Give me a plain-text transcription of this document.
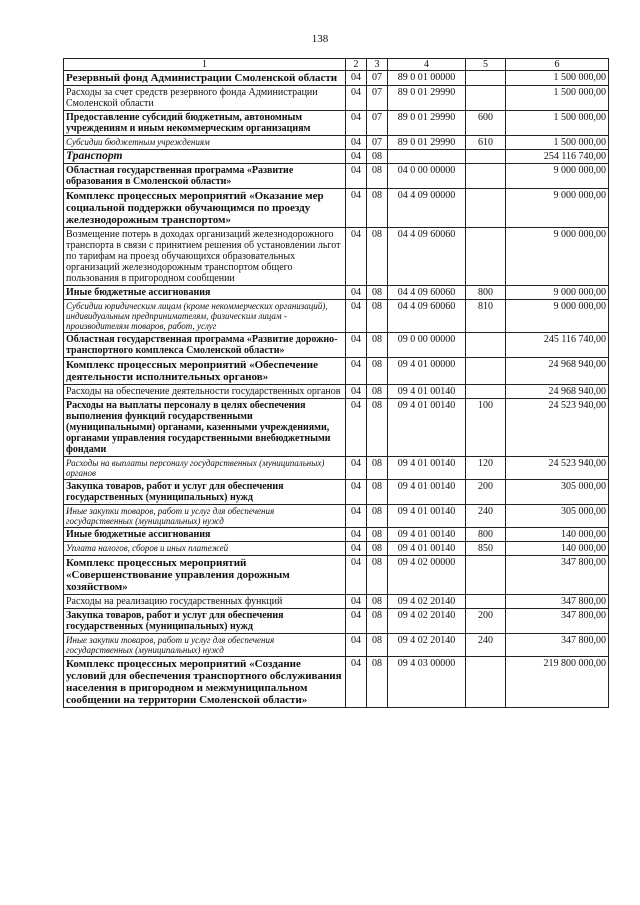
138
1	2	3	4	5	6
Резервный фонд Администрации Смоленской области	04	07	89 0 01 00000		1 500 000,00
Расходы за счет средств резервного фонда Администрации Смоленской области	04	07	89 0 01 29990		1 500 000,00
Предоставление субсидий бюджетным, автономным учреждениям и иным некоммерческим организациям	04	07	89 0 01 29990	600	1 500 000,00
Субсидии бюджетным учреждениям	04	07	89 0 01 29990	610	1 500 000,00
Транспорт	04	08			254 116 740,00
Областная государственная программа «Развитие образования в Смоленской области»	04	08	04 0 00 00000		9 000 000,00
Комплекс процессных мероприятий «Оказание мер социальной поддержки обучающимся по проезду железнодорожным транспортом»	04	08	04 4 09 00000		9 000 000,00
Возмещение потерь в доходах организаций железнодорожного транспорта в связи с принятием решения об установлении льгот по тарифам на проезд обучающихся образовательных организаций железнодорожным транспортом общего пользования в пригородном сообщении	04	08	04 4 09 60060		9 000 000,00
Иные бюджетные ассигнования	04	08	04 4 09 60060	800	9 000 000,00
Субсидии юридическим лицам (кроме некоммерческих организаций), индивидуальным предпринимателям, физическим лицам - производителям товаров, работ, услуг	04	08	04 4 09 60060	810	9 000 000,00
Областная государственная программа «Развитие дорожно-транспортного комплекса Смоленской области»	04	08	09 0 00 00000		245 116 740,00
Комплекс процессных мероприятий «Обеспечение деятельности исполнительных органов»	04	08	09 4 01 00000		24 968 940,00
Расходы на обеспечение деятельности государственных органов	04	08	09 4 01 00140		24 968 940,00
Расходы на выплаты персоналу в целях обеспечения выполнения функций государственными (муниципальными) органами, казенными учреждениями, органами управления государственными внебюджетными фондами	04	08	09 4 01 00140	100	24 523 940,00
Расходы на выплаты персоналу государственных (муниципальных) органов	04	08	09 4 01 00140	120	24 523 940,00
Закупка товаров, работ и услуг для обеспечения государственных (муниципальных) нужд	04	08	09 4 01 00140	200	305 000,00
Иные закупки товаров, работ и услуг для обеспечения государственных (муниципальных) нужд	04	08	09 4 01 00140	240	305 000,00
Иные бюджетные ассигнования	04	08	09 4 01 00140	800	140 000,00
Уплата налогов, сборов и иных платежей	04	08	09 4 01 00140	850	140 000,00
Комплекс процессных мероприятий «Совершенствование управления дорожным хозяйством»	04	08	09 4 02 00000		347 800,00
Расходы на реализацию государственных функций	04	08	09 4 02 20140		347 800,00
Закупка товаров, работ и услуг для обеспечения государственных (муниципальных) нужд	04	08	09 4 02 20140	200	347 800,00
Иные закупки товаров, работ и услуг для обеспечения государственных (муниципальных) нужд	04	08	09 4 02 20140	240	347 800,00
Комплекс процессных мероприятий «Создание условий для обеспечения транспортного обслуживания населения в пригородном и межмуниципальном сообщении на территории Смоленской области»	04	08	09 4 03 00000		219 800 000,00
